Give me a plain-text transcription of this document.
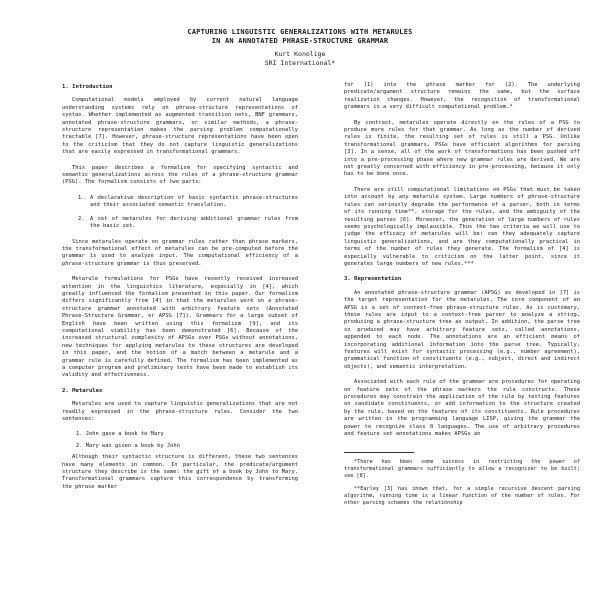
CAPTURING LINGUISTIC GENERALIZATIONS WITH METARULES
IN AN ANNOTATED PHRASE-STRUCTURE GRAMMAR
Kurt Konolige
SRI International*
1. Introduction

Computational models employed by current natural language understanding systems rely on phrase-structure representations of syntax. Whether implemented as augmented transition nets, BNF grammars, annotated phrase-structure grammars, or similar methods, a phrase-structure representation makes the parsing problem computationally tractable [7]. However, phrase-structure representations have been open to the criticism that they do not capture linguistic generalizations that are easily expressed in transformational grammars.

This paper describes a formalism for specifying syntactic and semantic generalizations across the rules of a phrase-structure grammar (PSG). The formalism consists of two parts:

1. A declarative description of basic syntactic phrase-structures and their associated semantic translation.
2. A set of metarules for deriving additional grammar rules from the basic set.

Since metarules operate on grammar rules rather than phrase markers, the transformational effect of metarules can be pre-computed before the grammar is used to analyze input. The computational efficiency of a phrase-structure grammar is thus preserved.

Metarule formulations for PSGs have recently received increased attention in the linguistics literature, especially in [4], which greatly influenced the formalism presented in this paper. Our formalism differs significantly from [4] in that the metarules work on a phrase-structure grammar annotated with arbitrary feature sets (Annotated Phrase-Structure Grammar, or APSG [7]). Grammars for a large subset of English have been written using this formalism [9], and its computational viability has been demonstrated [6]. Because of the increased structural complexity of APSGs over PSGs without annotations, new techniques for applying metarules to these structures are developed in this paper, and the notion of a match between a metarule and a grammar rule is carefully defined. The formalism has been implemented as a computer program and preliminary tests have been made to establish its validity and effectiveness.

2. Metarules

Metarules are used to capture linguistic generalizations that are not readily expressed in the phrase-structure rules. Consider the two sentences:

1. John gave a book to Mary
2. Mary was given a book by John

Although their syntactic structure is different, these two sentences have many elements in common. In particular, the predicate/argument structure they describe is the same: the gift of a book by John to Mary. Transformational grammars capture this correspondence by transforming the phrase marker

for (1) into the phrase marker for (2). The underlying predicate/argument structure remains the same, but the surface realization changes. However, the recognition of transformational grammars is a very difficult computational problem.*

By contrast, metarules operate directly on the rules of a PSG to produce more rules for that grammar. As long as the number of derived rules is finite, the resulting set of rules is still a PSG. Unlike transformational grammars, PSGs have efficient algorithms for parsing [3]. In a sense, all of the work of transformations has been pushed off into a pre-processing phase where new grammar rules are derived. We are not greatly concerned with efficiency in pre-processing, because it only has to be done once.

There are still computational limitations on PSGs that must be taken into account by any metarule system. Large numbers of phrase-structure rules can seriously degrade the performance of a parser, both in terms of its running time**, storage for the rules, and the ambiguity of the resulting parses [6]. Moreover, the generation of large numbers of rules seems psychologically implausible. Thus the two criteria we will use to judge the efficacy of metarules will be: can they adequately capture linguistic generalizations, and are they computationally practical in terms of the number of rules they generate. The formalism of [4] is especially vulnerable to criticism on the latter point, since it generates large numbers of new rules.***

3. Representation

An annotated phrase-structure grammar (APSG) as developed in [7] is the target representation for the metarules. The core component of an APSG is a set of context-free phrase-structure rules. As is customary, these rules are input to a context-free parser to analyze a string, producing a phrase-structure tree as output. In addition, the parse tree so produced may have arbitrary feature sets, called annotations, appended to each node. The annotations are an efficient means of incorporating additional information into the parse tree. Typically, features will exist for syntactic processing (e.g., number agreement), grammatical function of constituents (e.g., subject, direct and indirect objects), and semantic interpretation.

Associated with each rule of the grammar are procedures for operating on feature sets of the phrase markers the rule constructs. These procedures may constrain the application of the rule by testing features on candidate constituents, or add information to the structure created by the rule, based on the features of its constituents. Rule procedures are written in the programming language LISP, giving the grammar the power to recognize class 0 languages. The use of arbitrary procedures and feature set annotations makes APSGs an

*There has been some success in restricting the power of transformational grammars sufficiently to allow a recognizer to be built; see [8].
**Earley [3] has shown that, for a simple recursive descent parsing algorithm, running time is a linear function of the number of rules. For other parsing schemes the relationship
